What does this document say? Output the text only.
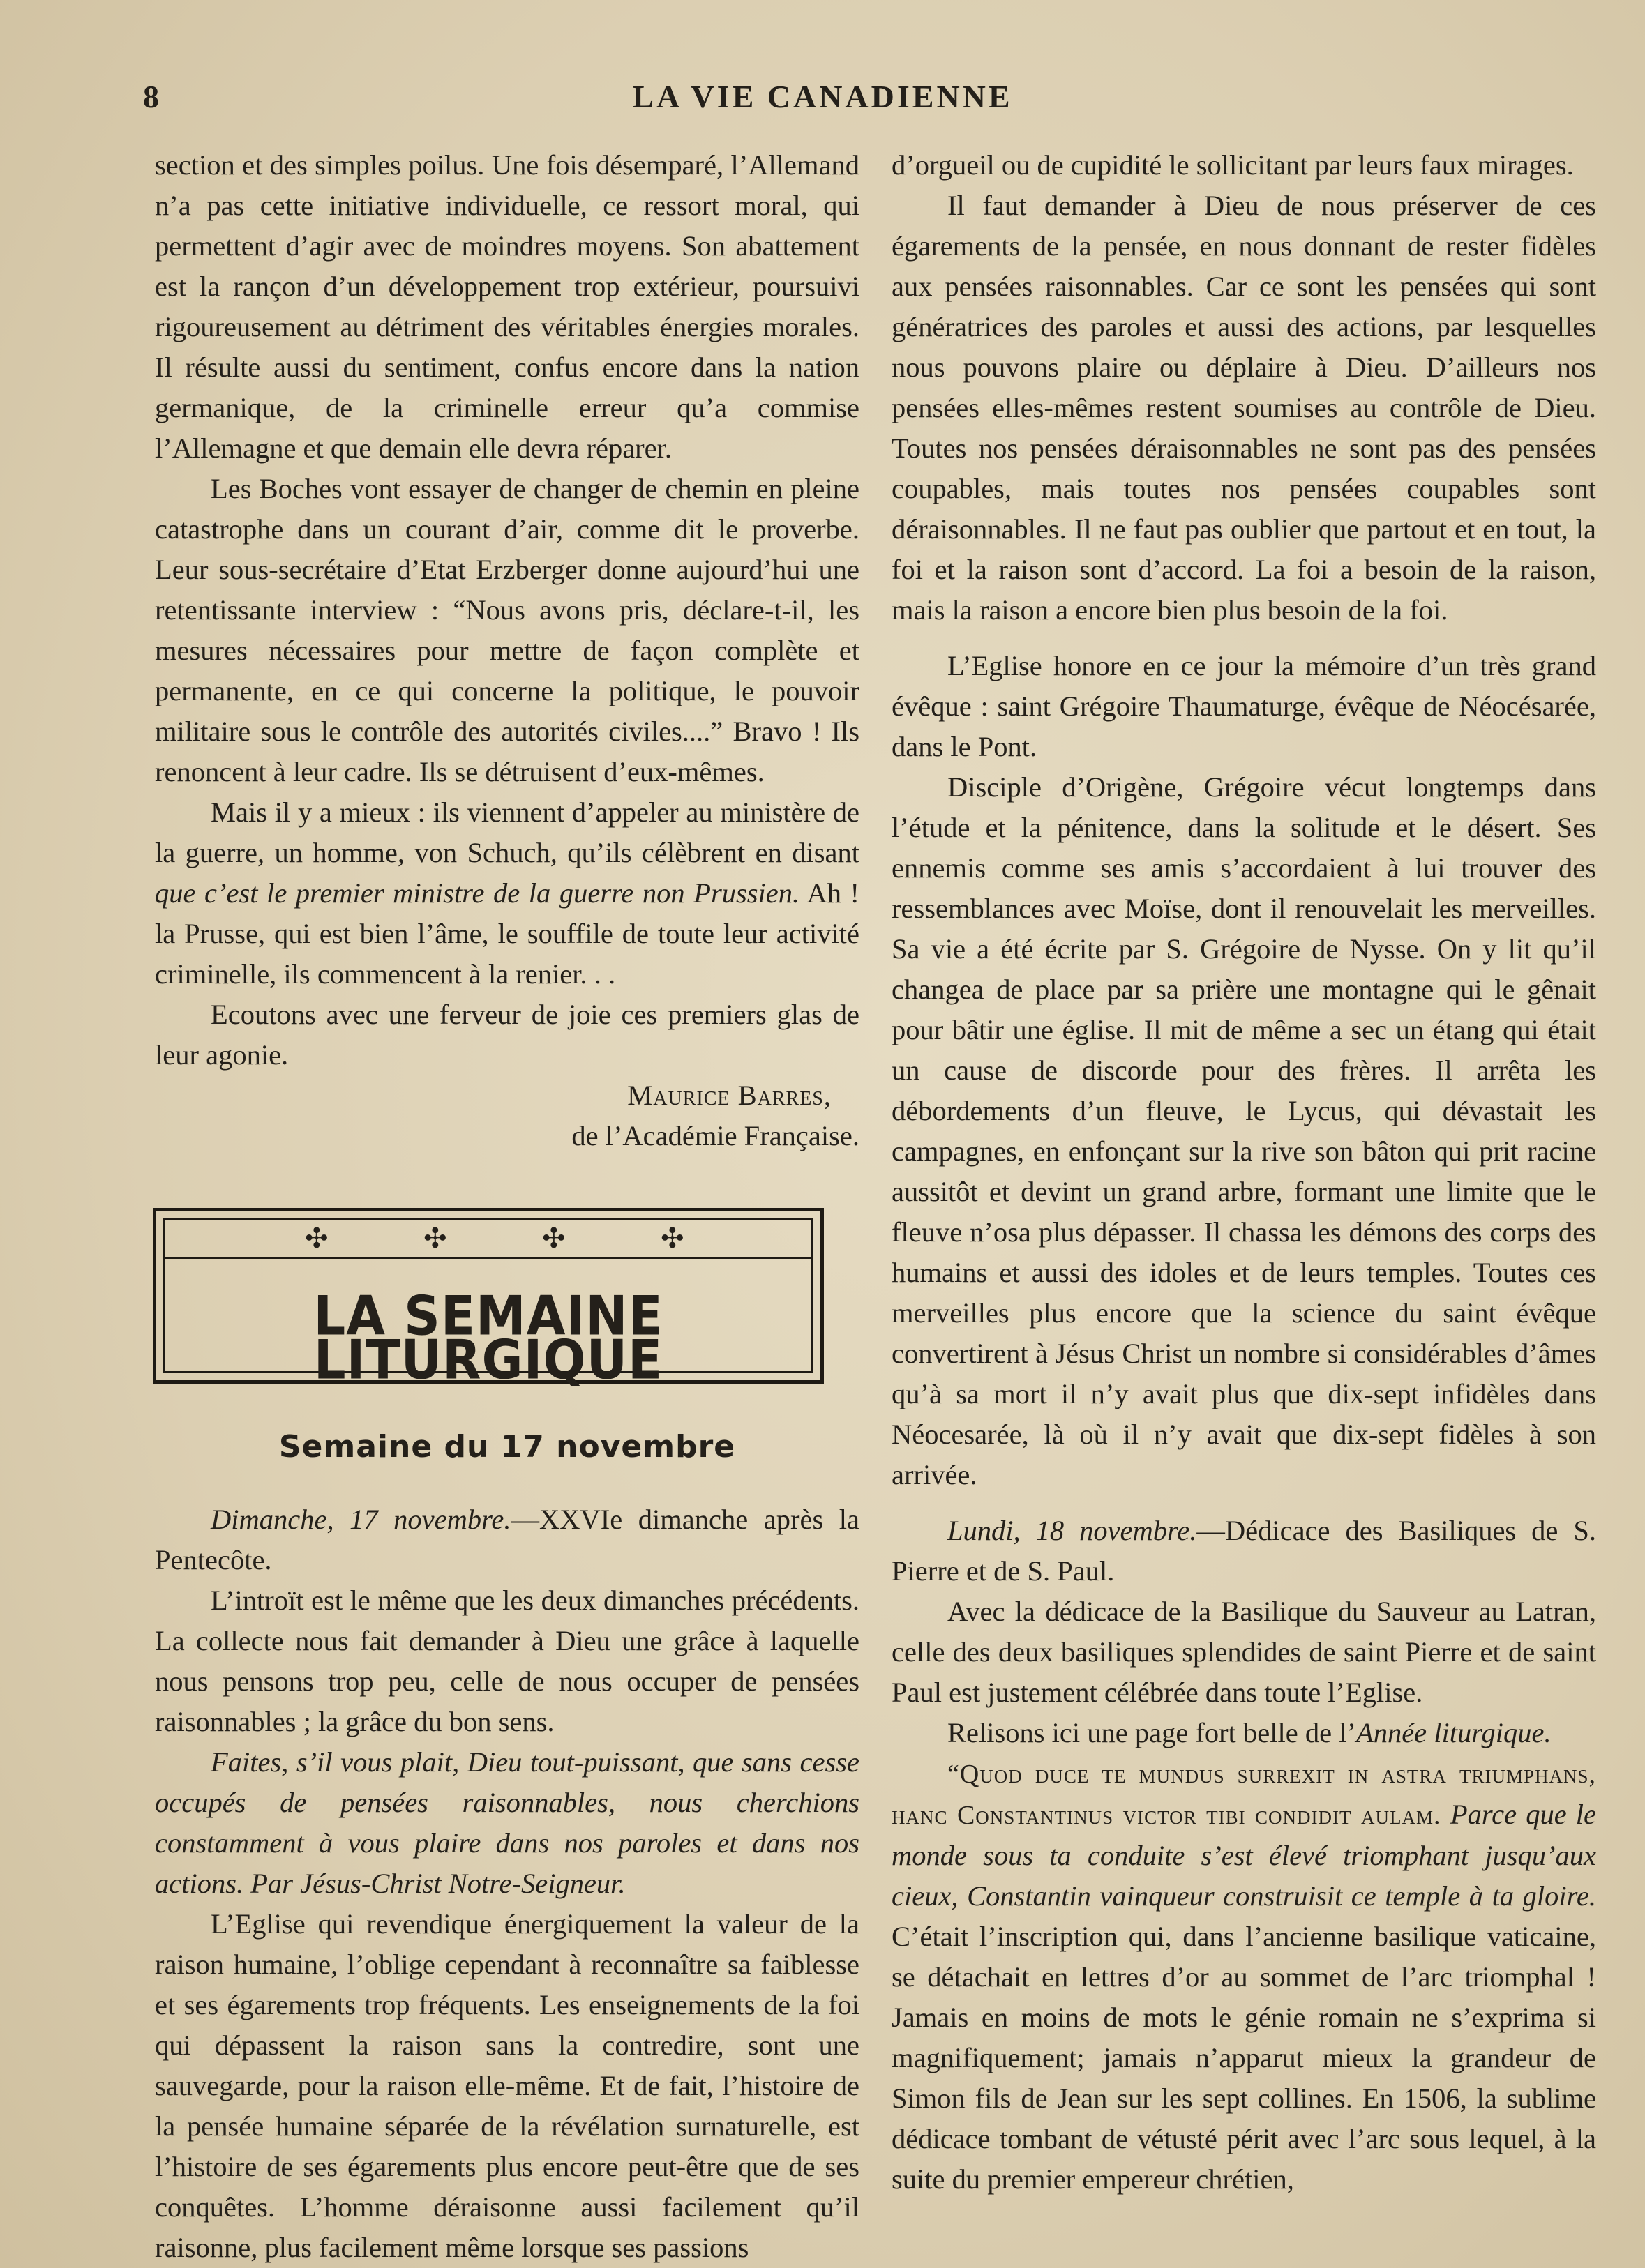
8	LA VIE CANADIENNE

section et des simples poilus. Une fois désemparé, l’Allemand n’a pas cette initiative individuelle, ce ressort moral, qui permettent d’agir avec de moindres moyens. Son abattement est la rançon d’un développement trop extérieur, poursuivi rigoureusement au détriment des véritables énergies morales. Il résulte aussi du sentiment, confus encore dans la nation germanique, de la criminelle erreur qu’a commise l’Allemagne et que demain elle devra réparer.

Les Boches vont essayer de changer de chemin en pleine catastrophe dans un courant d’air, comme dit le proverbe. Leur sous-secrétaire d’Etat Erzberger donne aujourd’hui une retentissante interview : “Nous avons pris, déclare-t-il, les mesures nécessaires pour mettre de façon complète et permanente, en ce qui concerne la politique, le pouvoir militaire sous le contrôle des autorités civiles....” Bravo ! Ils renoncent à leur cadre. Ils se détruisent d’eux-mêmes.

Mais il y a mieux : ils viennent d’appeler au ministère de la guerre, un homme, von Schuch, qu’ils célèbrent en disant que c’est le premier ministre de la guerre non Prussien. Ah ! la Prusse, qui est bien l’âme, le souffile de toute leur activité criminelle, ils commencent à la renier. . .

Ecoutons avec une ferveur de joie ces premiers glas de leur agonie.

Maurice Barres,

de l’Académie Française.

✣	✣	✣	✣
LA SEMAINE LITURGIQUE
Semaine du 17 novembre

Dimanche, 17 novembre.—XXVIe dimanche après la Pentecôte.

L’introït est le même que les deux dimanches précédents. La collecte nous fait demander à Dieu une grâce à laquelle nous pensons trop peu, celle de nous occuper de pensées raisonnables ; la grâce du bon sens.

Faites, s’il vous plait, Dieu tout-puissant, que sans cesse occupés de pensées raisonnables, nous cherchions constamment à vous plaire dans nos paroles et dans nos actions. Par Jésus-Christ Notre-Seigneur.

L’Eglise qui revendique énergiquement la valeur de la raison humaine, l’oblige cependant à reconnaître sa faiblesse et ses égarements trop fréquents. Les enseignements de la foi qui dépassent la raison sans la contredire, sont une sauvegarde, pour la raison elle-même. Et de fait, l’histoire de la pensée humaine séparée de la révélation surnaturelle, est l’histoire de ses égarements plus encore peut-être que de ses conquêtes. L’homme déraisonne aussi facilement qu’il raisonne, plus facilement même lorsque ses passions

d’orgueil ou de cupidité le sollicitant par leurs faux mirages.

Il faut demander à Dieu de nous préserver de ces égarements de la pensée, en nous donnant de rester fidèles aux pensées raisonnables. Car ce sont les pensées qui sont génératrices des paroles et aussi des actions, par lesquelles nous pouvons plaire ou déplaire à Dieu. D’ailleurs nos pensées elles-mêmes restent soumises au contrôle de Dieu. Toutes nos pensées déraisonnables ne sont pas des pensées coupables, mais toutes nos pensées coupables sont déraisonnables. Il ne faut pas oublier que partout et en tout, la foi et la raison sont d’accord. La foi a besoin de la raison, mais la raison a encore bien plus besoin de la foi.

L’Eglise honore en ce jour la mémoire d’un très grand évêque : saint Grégoire Thaumaturge, évêque de Néocésarée, dans le Pont.

Disciple d’Origène, Grégoire vécut longtemps dans l’étude et la pénitence, dans la solitude et le désert. Ses ennemis comme ses amis s’accordaient à lui trouver des ressemblances avec Moïse, dont il renouvelait les merveilles. Sa vie a été écrite par S. Grégoire de Nysse. On y lit qu’il changea de place par sa prière une montagne qui le gênait pour bâtir une église. Il mit de même a sec un étang qui était un cause de discorde pour des frères. Il arrêta les débordements d’un fleuve, le Lycus, qui dévastait les campagnes, en enfonçant sur la rive son bâton qui prit racine aussitôt et devint un grand arbre, formant une limite que le fleuve n’osa plus dépasser. Il chassa les démons des corps des humains et aussi des idoles et de leurs temples. Toutes ces merveilles plus encore que la science du saint évêque convertirent à Jésus Christ un nombre si considérables d’âmes qu’à sa mort il n’y avait plus que dix-sept infidèles dans Néocesarée, là où il n’y avait que dix-sept fidèles à son arrivée.

Lundi, 18 novembre.—Dédicace des Basiliques de S. Pierre et de S. Paul.

Avec la dédicace de la Basilique du Sauveur au Latran, celle des deux basiliques splendides de saint Pierre et de saint Paul est justement célébrée dans toute l’Eglise.

Relisons ici une page fort belle de l’Année liturgique.

“Quod duce te mundus surrexit in astra triumphans, hanc Constantinus victor tibi condidit aulam. Parce que le monde sous ta conduite s’est élevé triomphant jusqu’aux cieux, Constantin vainqueur construisit ce temple à ta gloire. C’était l’inscription qui, dans l’ancienne basilique vaticaine, se détachait en lettres d’or au sommet de l’arc triomphal ! Jamais en moins de mots le génie romain ne s’exprima si magnifiquement; jamais n’apparut mieux la grandeur de Simon fils de Jean sur les sept collines. En 1506, la sublime dédicace tombant de vétusté périt avec l’arc sous lequel, à la suite du premier empereur chrétien,
